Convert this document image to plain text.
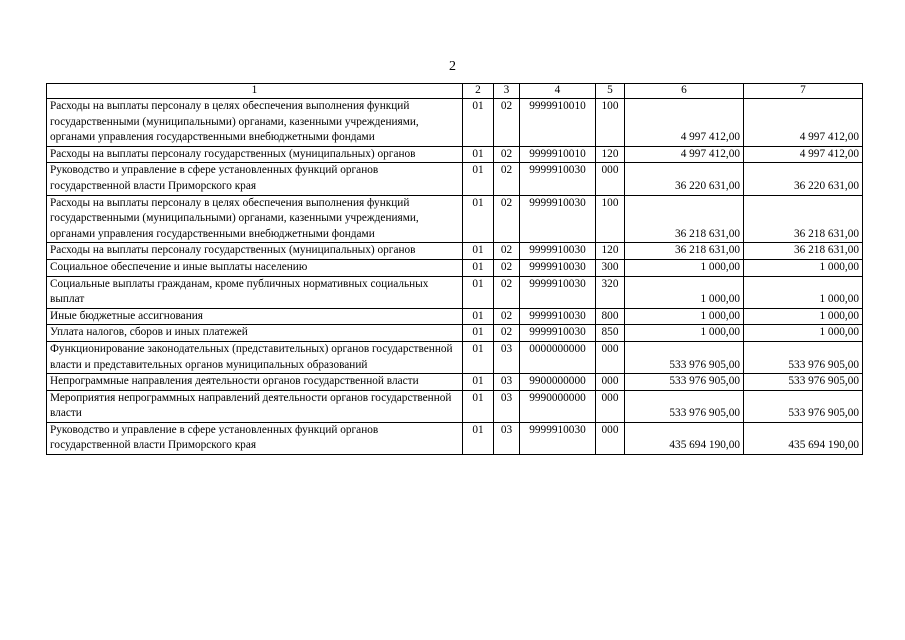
2
1	2	3	4	5	6	7
Расходы на выплаты персоналу в целях обеспечения выполнения функций государственными (муниципальными) органами, казенными учреждениями, органами управления государственными внебюджетными фондами	01	02	9999910010	100	4 997 412,00	4 997 412,00
Расходы на выплаты персоналу государственных (муниципальных) органов	01	02	9999910010	120	4 997 412,00	4 997 412,00
Руководство и управление в сфере установленных функций органов государственной власти Приморского края	01	02	9999910030	000	36 220 631,00	36 220 631,00
Расходы на выплаты персоналу в целях обеспечения выполнения функций государственными (муниципальными) органами, казенными учреждениями, органами управления государственными внебюджетными фондами	01	02	9999910030	100	36 218 631,00	36 218 631,00
Расходы на выплаты персоналу государственных (муниципальных) органов	01	02	9999910030	120	36 218 631,00	36 218 631,00
Социальное обеспечение и иные выплаты населению	01	02	9999910030	300	1 000,00	1 000,00
Социальные выплаты гражданам, кроме публичных нормативных социальных выплат	01	02	9999910030	320	1 000,00	1 000,00
Иные бюджетные ассигнования	01	02	9999910030	800	1 000,00	1 000,00
Уплата налогов, сборов и иных платежей	01	02	9999910030	850	1 000,00	1 000,00
Функционирование законодательных (представительных) органов государственной власти и представительных органов муниципальных образований	01	03	0000000000	000	533 976 905,00	533 976 905,00
Непрограммные направления деятельности органов государственной власти	01	03	9900000000	000	533 976 905,00	533 976 905,00
Мероприятия непрограммных направлений деятельности органов государственной власти	01	03	9990000000	000	533 976 905,00	533 976 905,00
Руководство и управление в сфере установленных функций органов государственной власти Приморского края	01	03	9999910030	000	435 694 190,00	435 694 190,00
